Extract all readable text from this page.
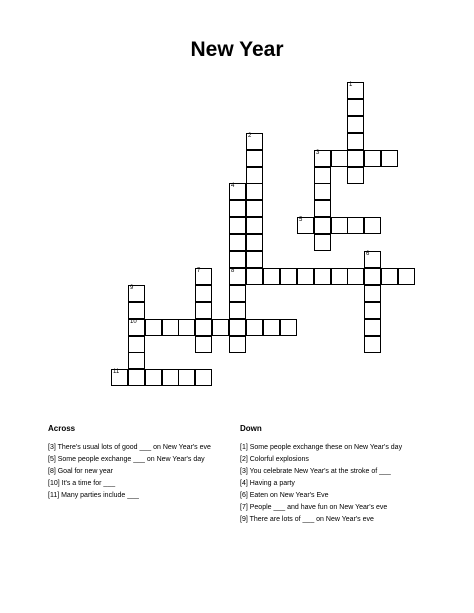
New Year
1
2
3
4
8
5
6
7
9
10
11
Across	Down
[3] There's usual lots of good ___ on New Year's eve
[5] Some people exchange ___ on New Year's day
[8] Goal for new year
[10] It's a time for ___
[11] Many parties include ___
[1] Some people exchange these on New Year's day
[2] Colorful explosions
[3] You celebrate New Year's at the stroke of ___
[4] Having a party
[6] Eaten on New Year's Eve
[7] People ___ and have fun on New Year's eve
[9] There are lots of ___ on New Year's eve
